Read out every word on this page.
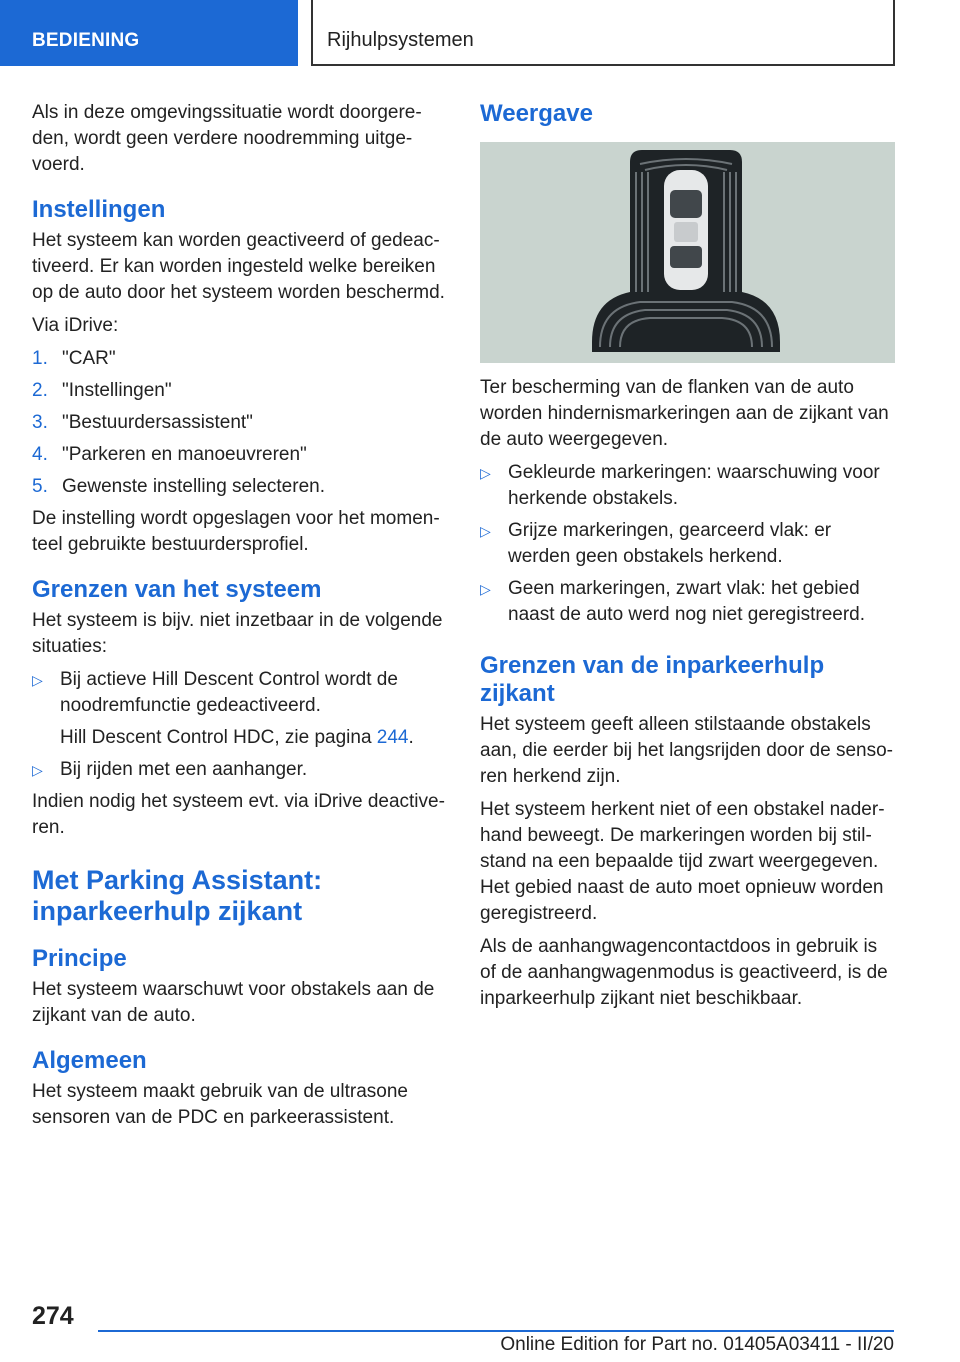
BEDIENING	Rijhulpsystemen

Als in deze omgevingssituatie wordt doorgereden, wordt geen verdere noodremming uitgevoerd.

Instellingen

Het systeem kan worden geactiveerd of gedeactiveerd. Er kan worden ingesteld welke bereiken op de auto door het systeem worden beschermd.

Via iDrive:

1. "CAR"
2. "Instellingen"
3. "Bestuurdersassistent"
4. "Parkeren en manoeuvreren"
5. Gewenste instelling selecteren.

De instelling wordt opgeslagen voor het momenteel gebruikte bestuurdersprofiel.

Grenzen van het systeem

Het systeem is bijv. niet inzetbaar in de volgende situaties:

▷ Bij actieve Hill Descent Control wordt de noodremfunctie gedeactiveerd.
Hill Descent Control HDC, zie pagina 244.
▷ Bij rijden met een aanhanger.

Indien nodig het systeem evt. via iDrive deactiveren.

Met Parking Assistant: inparkeerhulp zijkant
Principe

Het systeem waarschuwt voor obstakels aan de zijkant van de auto.

Algemeen

Het systeem maakt gebruik van de ultrasone sensoren van de PDC en parkeerassistent.

Weergave

Ter bescherming van de flanken van de auto worden hindernismarkeringen aan de zijkant van de auto weergegeven.

▷ Gekleurde markeringen: waarschuwing voor herkende obstakels.
▷ Grijze markeringen, gearceerd vlak: er werden geen obstakels herkend.
▷ Geen markeringen, zwart vlak: het gebied naast de auto werd nog niet geregistreerd.
Grenzen van de inparkeerhulp zijkant

Het systeem geeft alleen stilstaande obstakels aan, die eerder bij het langsrijden door de sensoren herkend zijn.

Het systeem herkent niet of een obstakel naderhand beweegt. De markeringen worden bij stilstand na een bepaalde tijd zwart weergegeven. Het gebied naast de auto moet opnieuw worden geregistreerd.

Als de aanhangwagencontactdoos in gebruik is of de aanhangwagenmodus is geactiveerd, is de inparkeerhulp zijkant niet beschikbaar.

274
Online Edition for Part no. 01405A03411 - II/20
